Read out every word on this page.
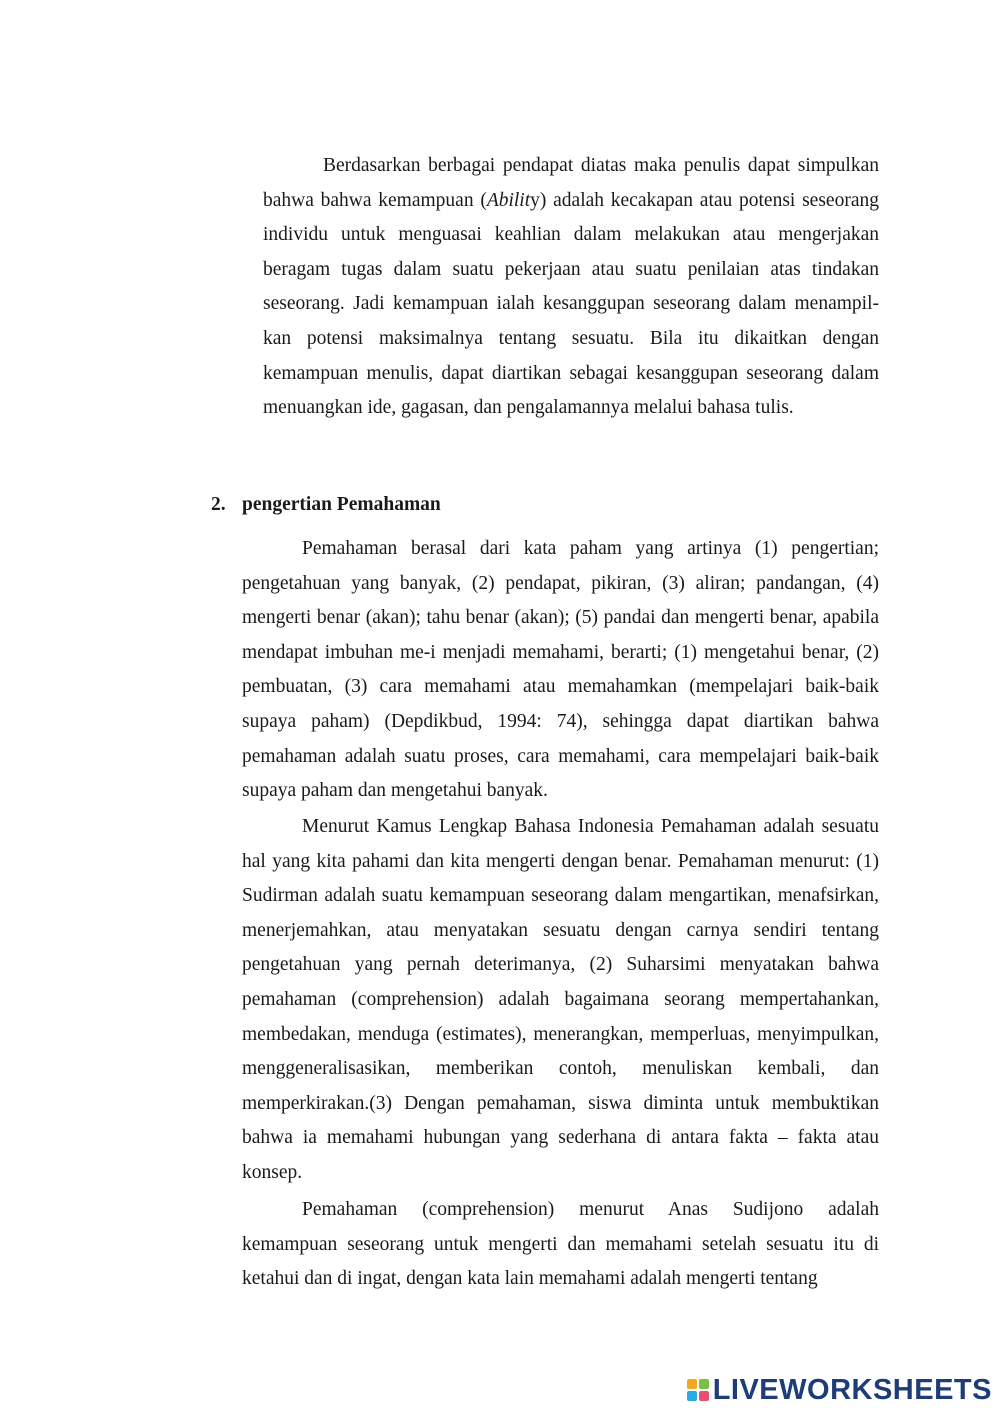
Berdasarkan berbagai pendapat diatas maka penulis dapat simpulkan bahwa bahwa kemampuan (Ability) adalah kecakapan atau potensi seseorang individu untuk menguasai keahlian dalam melakukan atau mengerjakan beragam tugas dalam suatu pekerjaan atau suatu penilaian atas tindakan seseorang. Jadi kemampuan ialah kesanggupan seseorang dalam menampil-kan potensi maksimalnya tentang sesuatu. Bila itu dikaitkan dengan kemampuan menulis, dapat diartikan sebagai kesanggupan seseorang dalam menuangkan ide, gagasan, dan pengalamannya melalui bahasa tulis.

2. pengertian Pemahaman

Pemahaman berasal dari kata paham yang artinya (1) pengertian; pengetahuan yang banyak, (2) pendapat, pikiran, (3) aliran; pandangan, (4) mengerti benar (akan); tahu benar (akan); (5) pandai dan mengerti benar, apabila mendapat imbuhan me-i menjadi memahami, berarti; (1) mengetahui benar, (2) pembuatan, (3) cara memahami atau memahamkan (mempelajari baik-baik supaya paham) (Depdikbud, 1994: 74), sehingga dapat diartikan bahwa pemahaman adalah suatu proses, cara memahami, cara mempelajari baik-baik supaya paham dan mengetahui banyak.

Menurut Kamus Lengkap Bahasa Indonesia Pemahaman adalah sesuatu hal yang kita pahami dan kita mengerti dengan benar. Pemahaman menurut: (1) Sudirman adalah suatu kemampuan seseorang dalam mengartikan, menafsirkan, menerjemahkan, atau menyatakan sesuatu dengan carnya sendiri tentang pengetahuan yang pernah deterimanya, (2) Suharsimi menyatakan bahwa pemahaman (comprehension) adalah bagaimana seorang mempertahankan, membedakan, menduga (estimates), menerangkan, memperluas, menyimpulkan, menggeneralisasikan, memberikan contoh, menuliskan kembali, dan memperkirakan.(3) Dengan pemahaman, siswa diminta untuk membuktikan bahwa ia memahami hubungan yang sederhana di antara fakta – fakta atau konsep.

Pemahaman (comprehension) menurut Anas Sudijono adalah kemampuan seseorang untuk mengerti dan memahami setelah sesuatu itu di ketahui dan di ingat, dengan kata lain memahami adalah mengerti tentang

LIVEWORKSHEETS
